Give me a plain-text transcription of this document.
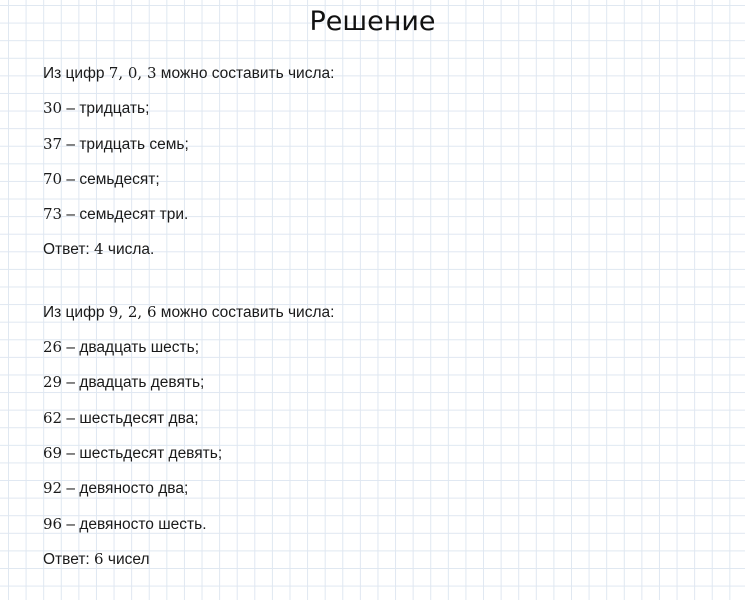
Решение
Из цифр 7, 0, 3 можно составить числа:
30 – тридцать;
37 – тридцать семь;
70 – семьдесят;
73 – семьдесят три.
Ответ: 4 числа.
Из цифр 9, 2, 6 можно составить числа:
26 – двадцать шесть;
29 – двадцать девять;
62 – шестьдесят два;
69 – шестьдесят девять;
92 – девяносто два;
96 – девяносто шесть.
Ответ: 6 чисел
